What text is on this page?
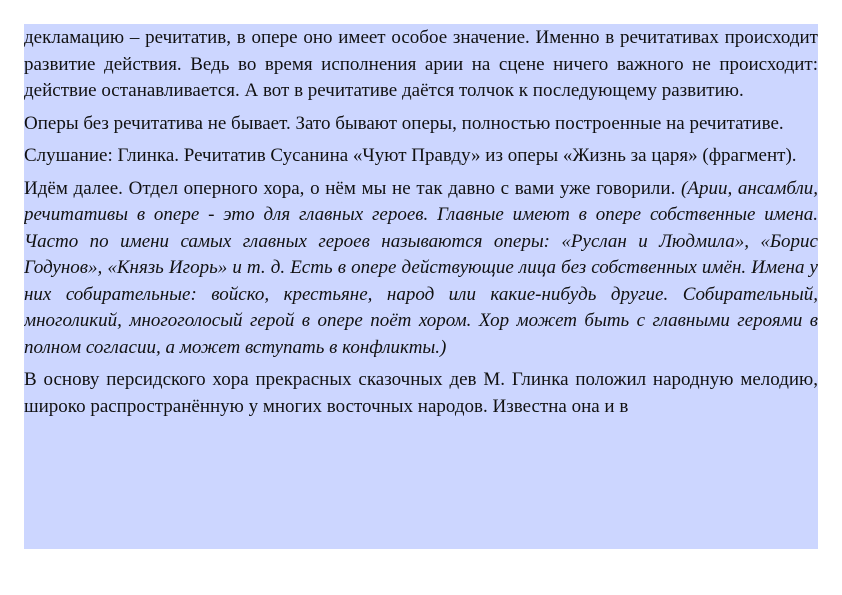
декламацию – речитатив, в опере оно имеет особое значение. Именно в речитативах происходит развитие действия. Ведь во время исполнения арии на сцене ничего важного не происходит: действие останавливается. А вот в речитативе даётся толчок к последующему развитию.

Оперы без речитатива не бывает. Зато бывают оперы, полностью построенные на речитативе.

Слушание: Глинка. Речитатив Сусанина «Чуют Правду» из оперы «Жизнь за царя» (фрагмент).

Идём далее. Отдел оперного хора, о нём мы не так давно с вами уже говорили. (Арии, ансамбли, речитативы в опере - это для главных героев. Главные имеют в опере собственные имена. Часто по имени самых главных героев называются оперы: «Руслан и Людмила», «Борис Годунов», «Князь Игорь» и т. д. Есть в опере действующие лица без собственных имён. Имена у них собирательные: войско, крестьяне, народ или какие-нибудь другие. Собирательный, многоликий, многоголосый герой в опере поёт хором. Хор может быть с главными героями в полном согласии, а может вступать в конфликты.)

В основу персидского хора прекрасных сказочных дев М. Глинка положил народную мелодию, широко распространённую у многих восточных народов. Известна она и в
